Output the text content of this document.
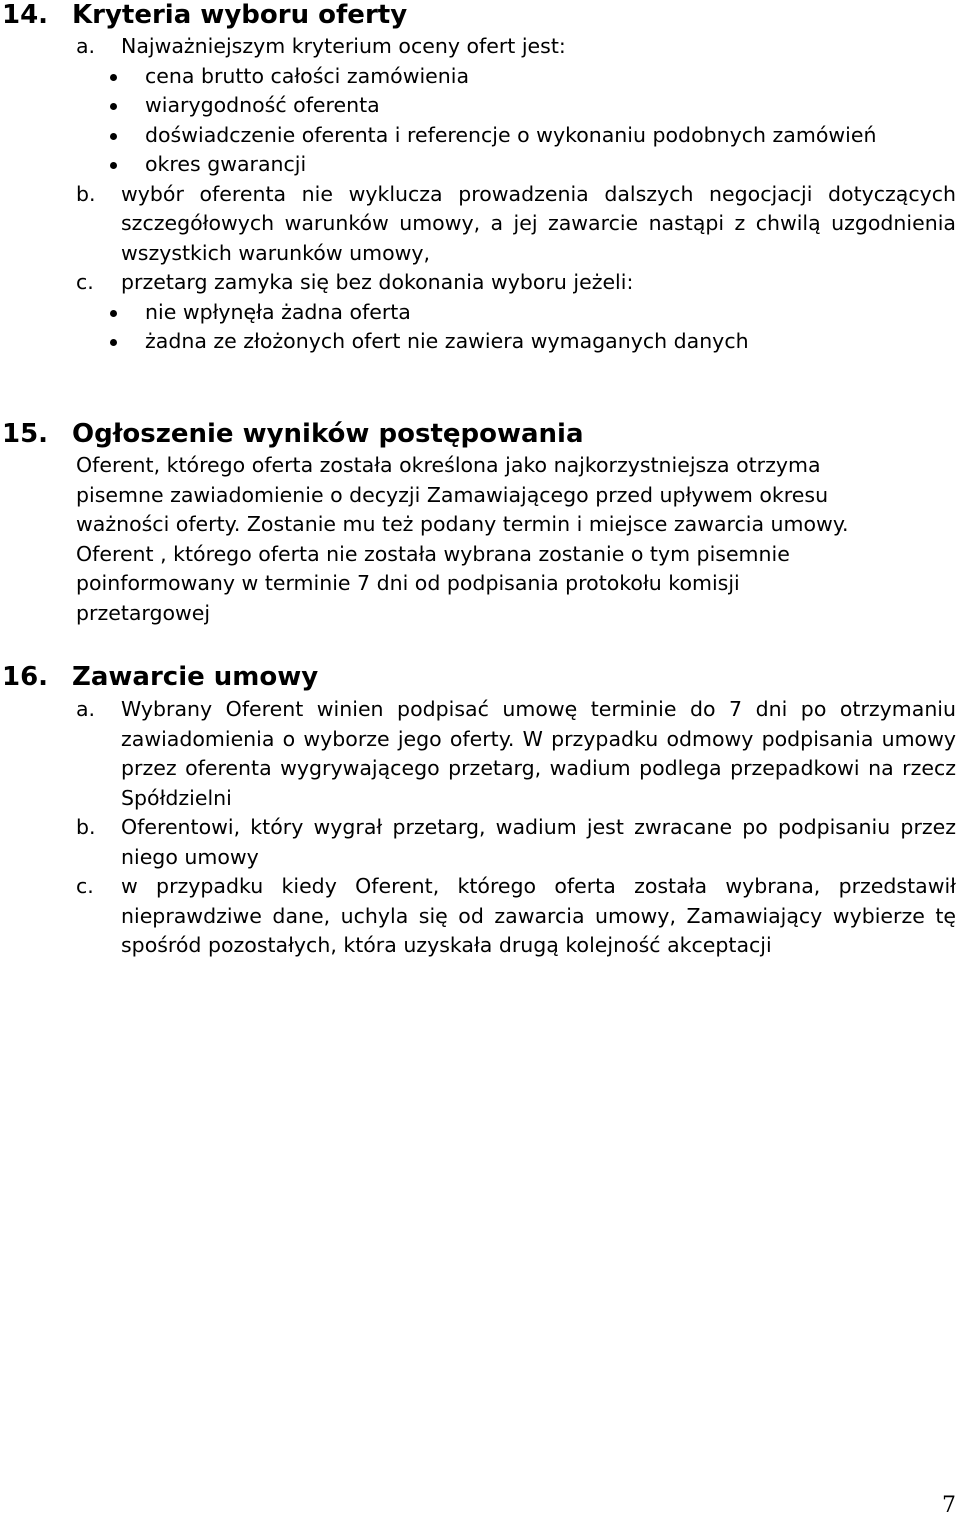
14. Kryteria wyboru oferty
a.	Najważniejszym kryterium oceny ofert jest:
cena brutto całości zamówienia
wiarygodność oferenta
doświadczenie oferenta i referencje o wykonaniu podobnych zamówień
okres gwarancji
b.	wybór oferenta nie wyklucza prowadzenia dalszych negocjacji dotyczących szczegółowych warunków umowy, a jej zawarcie nastąpi z chwilą uzgodnienia wszystkich warunków umowy,
c.	przetarg zamyka się bez dokonania wyboru jeżeli:
nie wpłynęła żadna oferta
żadna ze złożonych ofert nie zawiera wymaganych danych
15. Ogłoszenie wyników postępowania

Oferent, którego oferta została określona jako najkorzystniejsza otrzyma pisemne zawiadomienie o decyzji Zamawiającego przed upływem okresu ważności oferty. Zostanie mu też podany termin i miejsce zawarcia umowy.

Oferent , którego oferta nie została wybrana zostanie o tym pisemnie poinformowany w terminie 7 dni od podpisania protokołu komisji przetargowej

16. Zawarcie umowy
a.	Wybrany Oferent winien podpisać umowę terminie do 7 dni po otrzymaniu zawiadomienia o wyborze jego oferty. W przypadku odmowy podpisania umowy przez oferenta wygrywającego przetarg, wadium podlega przepadkowi na rzecz Spółdzielni
b.	Oferentowi, który wygrał przetarg, wadium jest zwracane po podpisaniu przez niego umowy
c.	w przypadku kiedy Oferent, którego oferta została wybrana, przedstawił nieprawdziwe dane, uchyla się od zawarcia umowy, Zamawiający wybierze tę spośród pozostałych, która uzyskała drugą kolejność akceptacji
7
